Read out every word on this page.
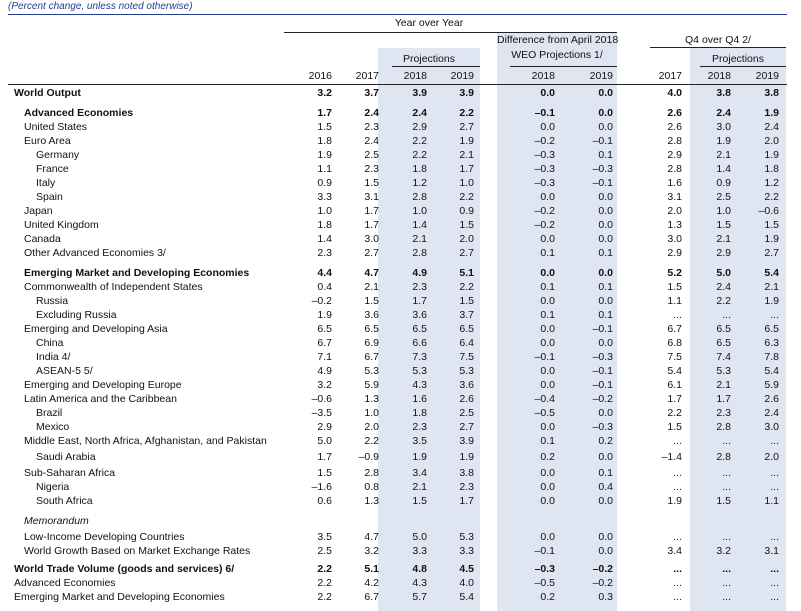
(Percent change, unless noted otherwise)
Year over Year
Difference from April 2018
WEO Projections 1/
Q4 over Q4 2/
Projections	Projections
2016	2017	2018	2019	2018	2019	2017	2018	2019
World Output	3.2	3.7	3.9	3.9	0.0	0.0	4.0	3.8	3.8
Advanced Economies	1.7	2.4	2.4	2.2	–0.1	0.0	2.6	2.4	1.9
United States	1.5	2.3	2.9	2.7	0.0	0.0	2.6	3.0	2.4
Euro Area	1.8	2.4	2.2	1.9	–0.2	–0.1	2.8	1.9	2.0
Germany	1.9	2.5	2.2	2.1	–0.3	0.1	2.9	2.1	1.9
France	1.1	2.3	1.8	1.7	–0.3	–0.3	2.8	1.4	1.8
Italy	0.9	1.5	1.2	1.0	–0.3	–0.1	1.6	0.9	1.2
Spain	3.3	3.1	2.8	2.2	0.0	0.0	3.1	2.5	2.2
Japan	1.0	1.7	1.0	0.9	–0.2	0.0	2.0	1.0	–0.6
United Kingdom	1.8	1.7	1.4	1.5	–0.2	0.0	1.3	1.5	1.5
Canada	1.4	3.0	2.1	2.0	0.0	0.0	3.0	2.1	1.9
Other Advanced Economies 3/	2.3	2.7	2.8	2.7	0.1	0.1	2.9	2.9	2.7
Emerging Market and Developing Economies	4.4	4.7	4.9	5.1	0.0	0.0	5.2	5.0	5.4
Commonwealth of Independent States	0.4	2.1	2.3	2.2	0.1	0.1	1.5	2.4	2.1
Russia	–0.2	1.5	1.7	1.5	0.0	0.0	1.1	2.2	1.9
Excluding Russia	1.9	3.6	3.6	3.7	0.1	0.1	...	...	...
Emerging and Developing Asia	6.5	6.5	6.5	6.5	0.0	–0.1	6.7	6.5	6.5
China	6.7	6.9	6.6	6.4	0.0	0.0	6.8	6.5	6.3
India 4/	7.1	6.7	7.3	7.5	–0.1	–0.3	7.5	7.4	7.8
ASEAN-5 5/	4.9	5.3	5.3	5.3	0.0	–0.1	5.4	5.3	5.4
Emerging and Developing Europe	3.2	5.9	4.3	3.6	0.0	–0.1	6.1	2.1	5.9
Latin America and the Caribbean	–0.6	1.3	1.6	2.6	–0.4	–0.2	1.7	1.7	2.6
Brazil	–3.5	1.0	1.8	2.5	–0.5	0.0	2.2	2.3	2.4
Mexico	2.9	2.0	2.3	2.7	0.0	–0.3	1.5	2.8	3.0
Middle East, North Africa, Afghanistan, and Pakistan	5.0	2.2	3.5	3.9	0.1	0.2	...	...	...
Saudi Arabia	1.7	–0.9	1.9	1.9	0.2	0.0	–1.4	2.8	2.0
Sub-Saharan Africa	1.5	2.8	3.4	3.8	0.0	0.1	...	...	...
Nigeria	–1.6	0.8	2.1	2.3	0.0	0.4	...	...	...
South Africa	0.6	1.3	1.5	1.7	0.0	0.0	1.9	1.5	1.1
Memorandum
Low-Income Developing Countries	3.5	4.7	5.0	5.3	0.0	0.0	...	...	...
World Growth Based on Market Exchange Rates	2.5	3.2	3.3	3.3	–0.1	0.0	3.4	3.2	3.1
World Trade Volume (goods and services) 6/	2.2	5.1	4.8	4.5	–0.3	–0.2	...	...	...
Advanced Economies	2.2	4.2	4.3	4.0	–0.5	–0.2	...	...	...
Emerging Market and Developing Economies	2.2	6.7	5.7	5.4	0.2	0.3	...	...	...
